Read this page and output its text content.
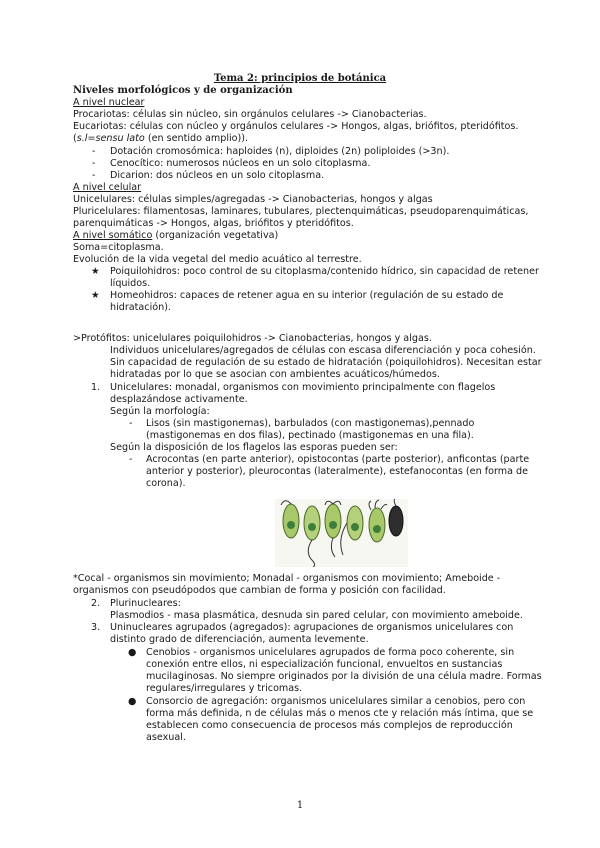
Tema 2: principios de botánica
Niveles morfológicos y de organización
A nivel nuclear
Procariotas: células sin núcleo, sin orgánulos celulares -> Cianobacterias.
Eucariotas: células con núcleo y orgánulos celulares -> Hongos, algas, briófitos, pteridófitos.
(s.l=sensu lato (en sentido amplio)).
- Dotación cromosómica: haploides (n), diploides (2n) poliploides (>3n).
- Cenocítico: numerosos núcleos en un solo citoplasma.
- Dicarion: dos núcleos en un solo citoplasma.
A nivel celular
Unicelulares: células simples/agregadas -> Cianobacterias, hongos y algas
Pluricelulares: filamentosas, laminares, tubulares, plectenquimáticas, pseudoparenquimáticas,
parenquimáticas -> Hongos, algas, briófitos y pteridófitos.
A nivel somático (organización vegetativa)
Soma=citoplasma.
Evolución de la vida vegetal del medio acuático al terrestre.
★ Poiquilohidros: poco control de su citoplasma/contenido hídrico, sin capacidad de retener
líquidos.
★ Homeohidros: capaces de retener agua en su interior (regulación de su estado de
hidratación).
>Protófitos: unicelulares poiquilohidros -> Cianobacterias, hongos y algas.
Individuos unicelulares/agregados de células con escasa diferenciación y poca cohesión.
Sin capacidad de regulación de su estado de hidratación (poiquilohidros). Necesitan estar
hidratadas por lo que se asocian con ambientes acuáticos/húmedos.
1. Unicelulares: monadal, organismos con movimiento principalmente con flagelos
desplazándose activamente.
Según la morfología:
- Lisos (sin mastigonemas), barbulados (con mastigonemas),pennado
(mastigonemas en dos filas), pectinado (mastigonemas en una fila).
Según la disposición de los flagelos las esporas pueden ser:
- Acrocontas (en parte anterior), opistocontas (parte posterior), anficontas (parte
anterior y posterior), pleurocontas (lateralmente), estefanocontas (en forma de
corona).
*Cocal - organismos sin movimiento; Monadal - organismos con movimiento; Ameboide -
organismos con pseudópodos que cambian de forma y posición con facilidad.
2. Plurinucleares:
Plasmodios - masa plasmática, desnuda sin pared celular, con movimiento ameboide.
3. Uninucleares agrupados (agregados): agrupaciones de organismos unicelulares con
distinto grado de diferenciación, aumenta levemente.
● Cenobios - organismos unicelulares agrupados de forma poco coherente, sin
conexión entre ellos, ni especialización funcional, envueltos en sustancias
mucilaginosas. No siempre originados por la división de una célula madre. Formas
regulares/irregulares y tricomas.
● Consorcio de agregación: organismos unicelulares similar a cenobios, pero con
forma más definida, n de células más o menos cte y relación más íntima, que se
establecen como consecuencia de procesos más complejos de reproducción
asexual.
1
